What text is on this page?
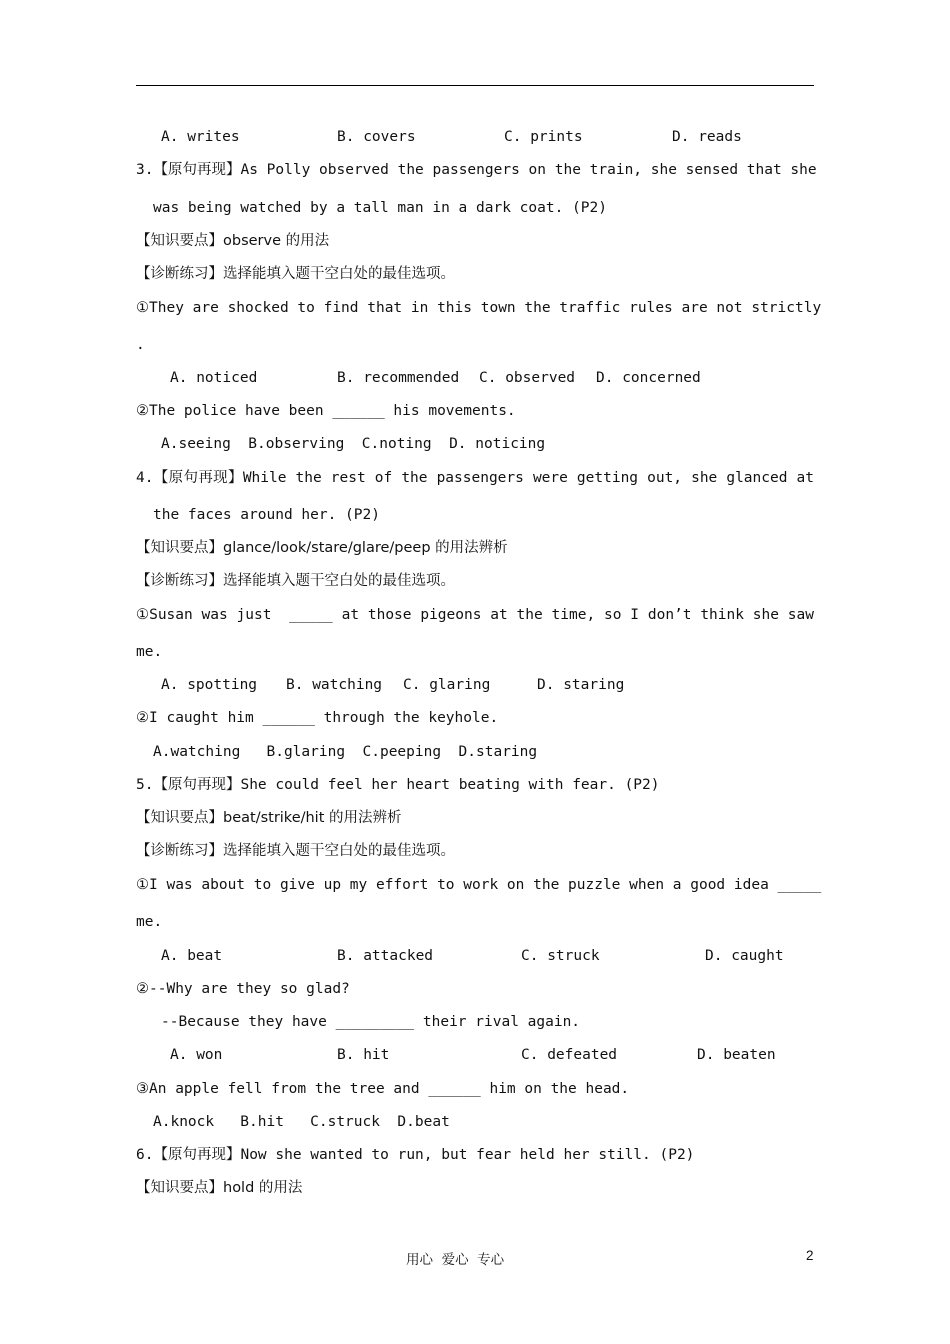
A. writes	B. covers	C. prints	D. reads
3.【原句再现】As Polly observed the passengers on the train, she sensed that she
was being watched by a tall man in a dark coat. (P2)
【知识要点】observe 的用法
【诊断练习】选择能填入题干空白处的最佳选项。
①They are shocked to find that in this town the traffic rules are not strictly
.
A. noticed	B. recommended C. observed D. concerned
②The police have been ______ his movements.
A.seeing  B.observing  C.noting  D. noticing
4.【原句再现】While the rest of the passengers were getting out, she glanced at
the faces around her. (P2)
【知识要点】glance/look/stare/glare/peep 的用法辨析
【诊断练习】选择能填入题干空白处的最佳选项。
①Susan was just  _____ at those pigeons at the time, so I don’t think she saw
me.
A. spotting B. watching C. glaring	D. staring
②I caught him ______ through the keyhole.
A.watching   B.glaring  C.peeping  D.staring
5.【原句再现】She could feel her heart beating with fear. (P2)
【知识要点】beat/strike/hit 的用法辨析
【诊断练习】选择能填入题干空白处的最佳选项。
①I was about to give up my effort to work on the puzzle when a good idea _____
me.
A. beat	B. attacked	C. struck	D. caught
②--Why are they so glad?
--Because they have _________ their rival again.
A. won	B. hit	C. defeated	D. beaten
③An apple fell from the tree and ______ him on the head.
A.knock   B.hit   C.struck  D.beat
6.【原句再现】Now she wanted to run, but fear held her still. (P2)
【知识要点】hold 的用法
用心  爱心  专心	2
